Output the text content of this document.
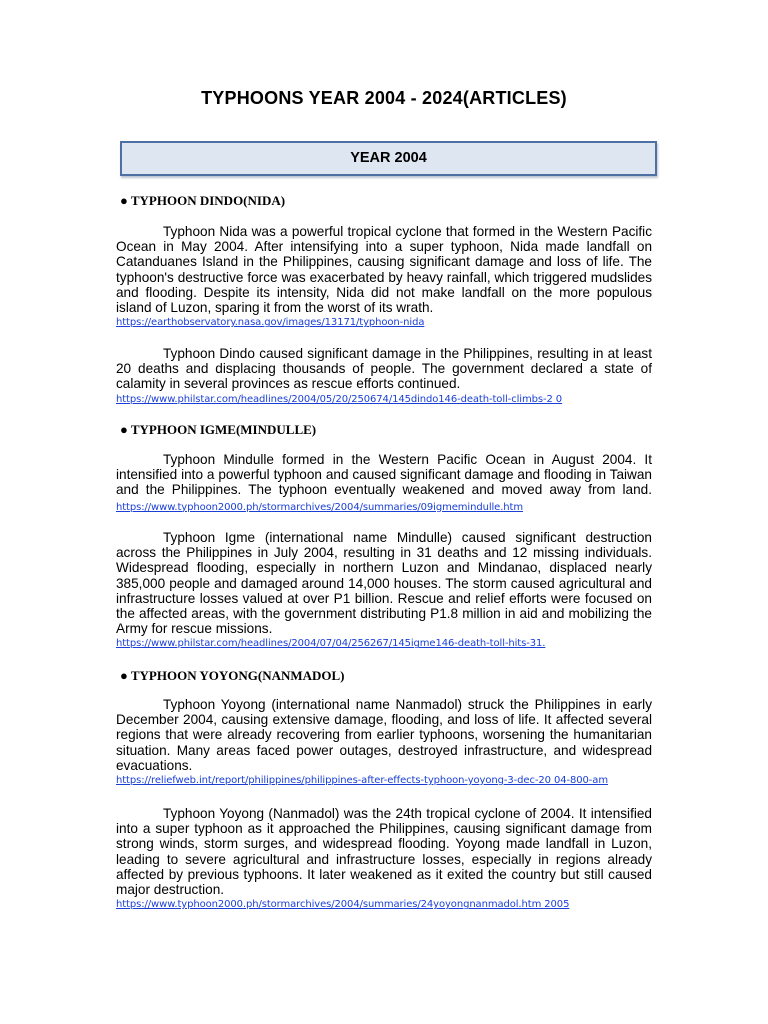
TYPHOONS YEAR 2004 - 2024(ARTICLES)
YEAR 2004
● TYPHOON DINDO(NIDA)

Typhoon Nida was a powerful tropical cyclone that formed in the Western Pacific Ocean in May 2004. After intensifying into a super typhoon, Nida made landfall on Catanduanes Island in the Philippines, causing significant damage and loss of life. The typhoon's destructive force was exacerbated by heavy rainfall, which triggered mudslides and flooding. Despite its intensity, Nida did not make landfall on the more populous island of Luzon, sparing it from the worst of its wrath.

https://earthobservatory.nasa.gov/images/13171/typhoon-nida

Typhoon Dindo caused significant damage in the Philippines, resulting in at least 20 deaths and displacing thousands of people. The government declared a state of calamity in several provinces as rescue efforts continued.

https://www.philstar.com/headlines/2004/05/20/250674/145dindo146-death-toll-climbs-2 0
● TYPHOON IGME(MINDULLE)

Typhoon Mindulle formed in the Western Pacific Ocean in August 2004. It intensified into a powerful typhoon and caused significant damage and flooding in Taiwan and the Philippines. The typhoon eventually weakened and moved away from land. https://www.typhoon2000.ph/stormarchives/2004/summaries/09igmemindulle.htm

Typhoon Igme (international name Mindulle) caused significant destruction across the Philippines in July 2004, resulting in 31 deaths and 12 missing individuals. Widespread flooding, especially in northern Luzon and Mindanao, displaced nearly 385,000 people and damaged around 14,000 houses. The storm caused agricultural and infrastructure losses valued at over P1 billion. Rescue and relief efforts were focused on the affected areas, with the government distributing P1.8 million in aid and mobilizing the Army for rescue missions.

https://www.philstar.com/headlines/2004/07/04/256267/145igme146-death-toll-hits-31.
● TYPHOON YOYONG(NANMADOL)

Typhoon Yoyong (international name Nanmadol) struck the Philippines in early December 2004, causing extensive damage, flooding, and loss of life. It affected several regions that were already recovering from earlier typhoons, worsening the humanitarian situation. Many areas faced power outages, destroyed infrastructure, and widespread evacuations.

https://reliefweb.int/report/philippines/philippines-after-effects-typhoon-yoyong-3-dec-20 04-800-am

Typhoon Yoyong (Nanmadol) was the 24th tropical cyclone of 2004. It intensified into a super typhoon as it approached the Philippines, causing significant damage from strong winds, storm surges, and widespread flooding. Yoyong made landfall in Luzon, leading to severe agricultural and infrastructure losses, especially in regions already affected by previous typhoons. It later weakened as it exited the country but still caused major destruction.

https://www.typhoon2000.ph/stormarchives/2004/summaries/24yoyongnanmadol.htm 2005
